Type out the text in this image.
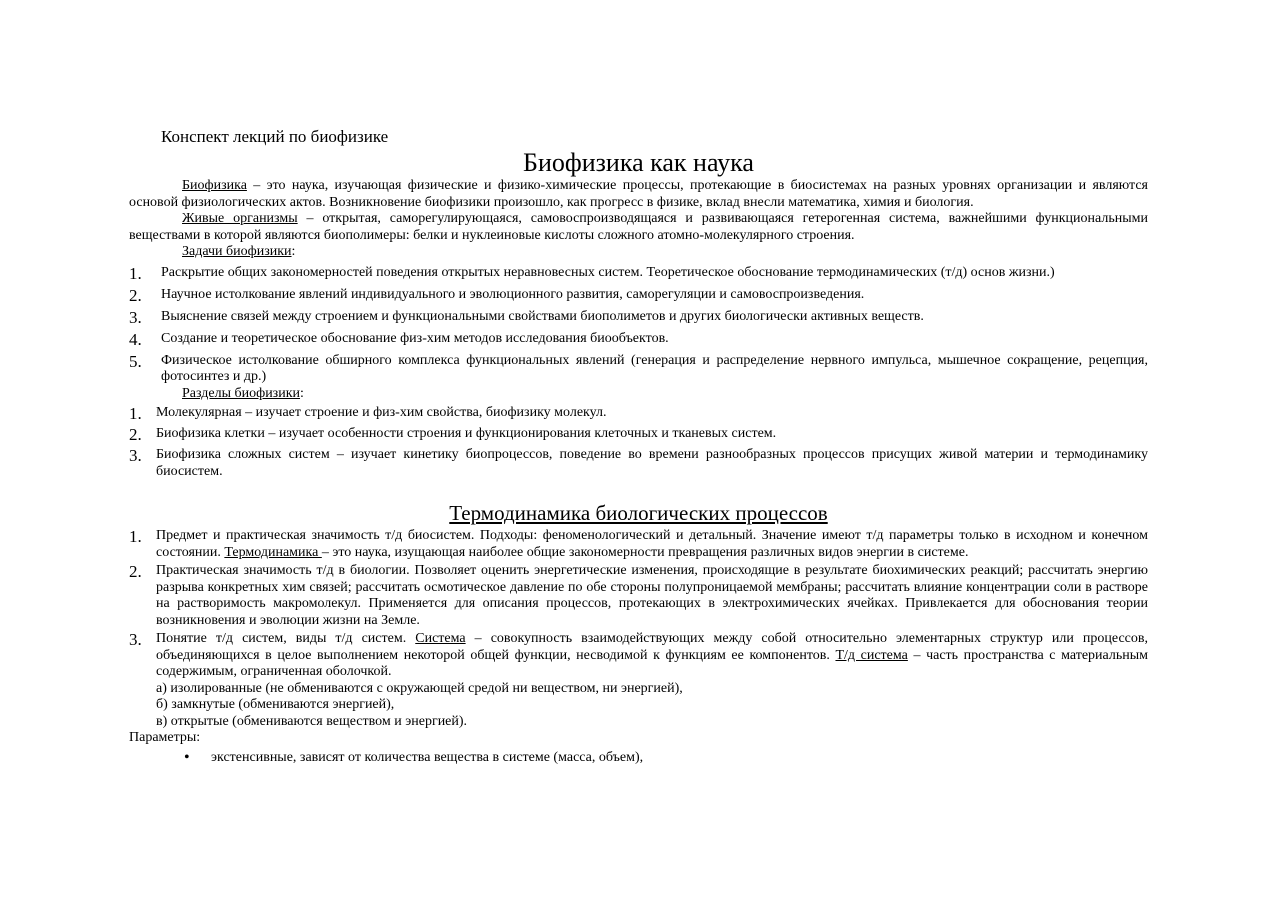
Конспект лекций по биофизике
Биофизика как наука
Биофизика – это наука, изучающая физические и физико-химические процессы, протекающие в биосистемах на разных уровнях организации и являются основой физиологических актов. Возникновение биофизики произошло, как прогресс в физике, вклад внесли математика, химия и биология.
Живые организмы – открытая, саморегулирующаяся, самовоспроизводящаяся и развивающаяся гетерогенная система, важнейшими функциональными веществами в которой являются биополимеры: белки и нуклеиновые кислоты сложного атомно-молекулярного строения.
Задачи биофизики:
1.	Раскрытие общих закономерностей поведения открытых неравновесных систем. Теоретическое обоснование термодинамических (т/д) основ жизни.)
2.	Научное истолкование явлений индивидуального и эволюционного развития, саморегуляции и самовоспроизведения.
3.	Выяснение связей между строением и функциональными свойствами биополиметов и других биологически активных веществ.
4.	Создание и теоретическое обоснование физ-хим методов исследования биообъектов.
5.	Физическое истолкование обширного комплекса функциональных явлений (генерация и распределение нервного импульса, мышечное сокращение, рецепция, фотосинтез и др.)
Разделы биофизики:
1.	Молекулярная – изучает строение и физ-хим свойства, биофизику молекул.
2.	Биофизика клетки – изучает особенности строения и функционирования клеточных и тканевых систем.
3.	Биофизика сложных систем – изучает кинетику биопроцессов, поведение во времени разнообразных процессов присущих живой материи и термодинамику биосистем.
Термодинамика биологических процессов
1.	Предмет и практическая значимость т/д биосистем. Подходы: феноменологический и детальный. Значение имеют т/д параметры только в исходном и конечном состоянии. Термодинамика – это наука, изущающая наиболее общие закономерности превращения различных видов энергии в системе.
2.	Практическая значимость т/д в биологии. Позволяет оценить энергетические изменения, происходящие в результате биохимических реакций; рассчитать энергию разрыва конкретных хим связей; рассчитать осмотическое давление по обе стороны полупроницаемой мембраны; рассчитать влияние концентрации соли в растворе на растворимость макромолекул. Применяется для описания процессов, протекающих в электрохимических ячейках. Привлекается для обоснования теории возникновения и эволюции жизни на Земле.
3.	Понятие т/д систем, виды т/д систем. Система – совокупность взаимодействующих между собой относительно элементарных структур или процессов, объединяющихся в целое выполнением некоторой общей функции, несводимой к функциям ее компонентов. Т/д система – часть пространства с материальным содержимым, ограниченная оболочкой.
а) изолированные (не обмениваются с окружающей средой ни веществом, ни энергией),
б) замкнутые (обмениваются энергией),
в) открытые (обмениваются веществом и энергией).
Параметры:
•	экстенсивные, зависят от количества вещества в системе (масса, объем),
